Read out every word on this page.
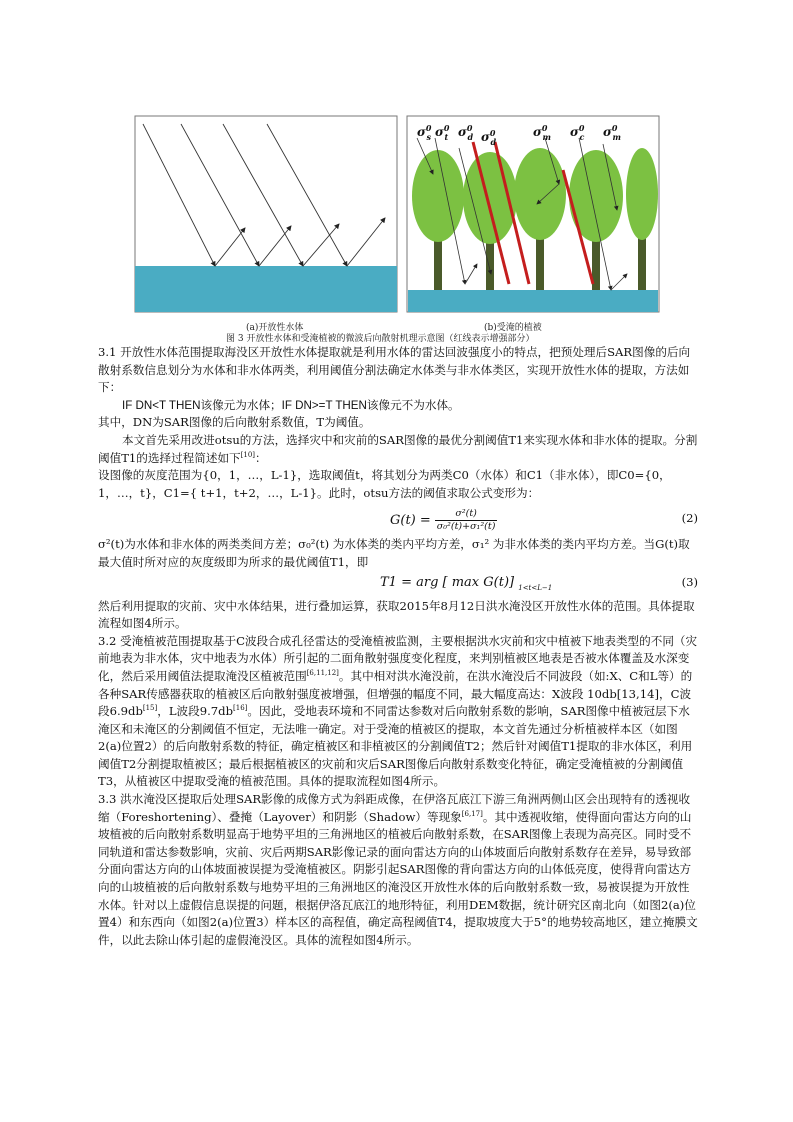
$\sigma^0$ s $\sigma^0$ t $\sigma^0$ d $\sigma^0$ d
$\sigma^0$ m $\sigma^0$ c $\sigma^0$ m
(a)开放性水体	(b)受淹的植被
图 3 开放性水体和受淹植被的微波后向散射机理示意图（红线表示增强部分）

3.1 开放性水体范围提取海没区开放性水体提取就是利用水体的雷达回波强度小的特点，把预处理后SAR图像的后向散射系数信息划分为水体和非水体两类，利用阈值分割法确定水体类与非水体类区，实现开放性水体的提取，方法如下：

IF DN<T THEN该像元为水体；IF DN>=T THEN该像元不为水体。

其中，DN为SAR图像的后向散射系数值，T为阈值。

本文首先采用改进otsu的方法，选择灾中和灾前的SAR图像的最优分割阈值T1来实现水体和非水体的提取。分割阈值T1的选择过程简述如下[10]：

设图像的灰度范围为{0，1，…，L-1}，选取阈值t，将其划分为两类C0（水体）和C1（非水体），即C0={0，1，…，t}，C1={ t+1，t+2，…，L-1}。此时，otsu方法的阈值求取公式变形为：

$G(t) = \frac{\text{σ²(t)}}{\text{σ₀²(t)+σ₁²(t)}}$	(2)

σ²(t)为水体和非水体的两类类间方差；σ₀²(t) 为水体类的类内平均方差，σ₁² 为非水体类的类内平均方差。当G(t)取最大值时所对应的灰度级即为所求的最优阈值T1，即

T1 = arg [ max G(t)] $_{1<t<L-1}$	(3)

然后利用提取的灾前、灾中水体结果，进行叠加运算，获取2015年8月12日洪水淹没区开放性水体的范围。具体提取流程如图4所示。

3.2 受淹植被范围提取基于C波段合成孔径雷达的受淹植被监测，主要根据洪水灾前和灾中植被下地表类型的不同（灾前地表为非水体，灾中地表为水体）所引起的二面角散射强度变化程度，来判别植被区地表是否被水体覆盖及水深变化，然后采用阈值法提取淹没区植被范围[6,11,12]。其中相对洪水淹没前，在洪水淹没后不同波段（如:X、C和L等）的各种SAR传感器获取的植被区后向散射强度被增强，但增强的幅度不同，最大幅度高达：X波段 10db[13,14]，C波段6.9db[15]，L波段9.7db[16]。因此，受地表环境和不同雷达参数对后向散射系数的影响，SAR图像中植被冠层下水淹区和未淹区的分割阈值不恒定，无法唯一确定。对于受淹的植被区的提取，本文首先通过分析植被样本区（如图2(a)位置2）的后向散射系数的特征，确定植被区和非植被区的分割阈值T2；然后针对阈值T1提取的非水体区，利用阈值T2分割提取植被区；最后根据植被区的灾前和灾后SAR图像后向散射系数变化特征，确定受淹植被的分割阈值T3，从植被区中提取受淹的植被范围。具体的提取流程如图4所示。

3.3 洪水淹没区提取后处理SAR影像的成像方式为斜距成像，在伊洛瓦底江下游三角洲两侧山区会出现特有的透视收缩（Foreshortening）、叠掩（Layover）和阴影（Shadow）等现象[6,17]。其中透视收缩，使得面向雷达方向的山坡植被的后向散射系数明显高于地势平坦的三角洲地区的植被后向散射系数，在SAR图像上表现为高亮区。同时受不同轨道和雷达参数影响，灾前、灾后两期SAR影像记录的面向雷达方向的山体坡面后向散射系数存在差异，易导致部分面向雷达方向的山体坡面被误提为受淹植被区。阴影引起SAR图像的背向雷达方向的山体低亮度，使得背向雷达方向的山坡植被的后向散射系数与地势平坦的三角洲地区的淹没区开放性水体的后向散射系数一致，易被误提为开放性水体。针对以上虚假信息误提的问题，根据伊洛瓦底江的地形特征，利用DEM数据，统计研究区南北向（如图2(a)位置4）和东西向（如图2(a)位置3）样本区的高程值，确定高程阈值T4，提取坡度大于5°的地势较高地区，建立掩膜文件，以此去除山体引起的虚假淹没区。具体的流程如图4所示。
